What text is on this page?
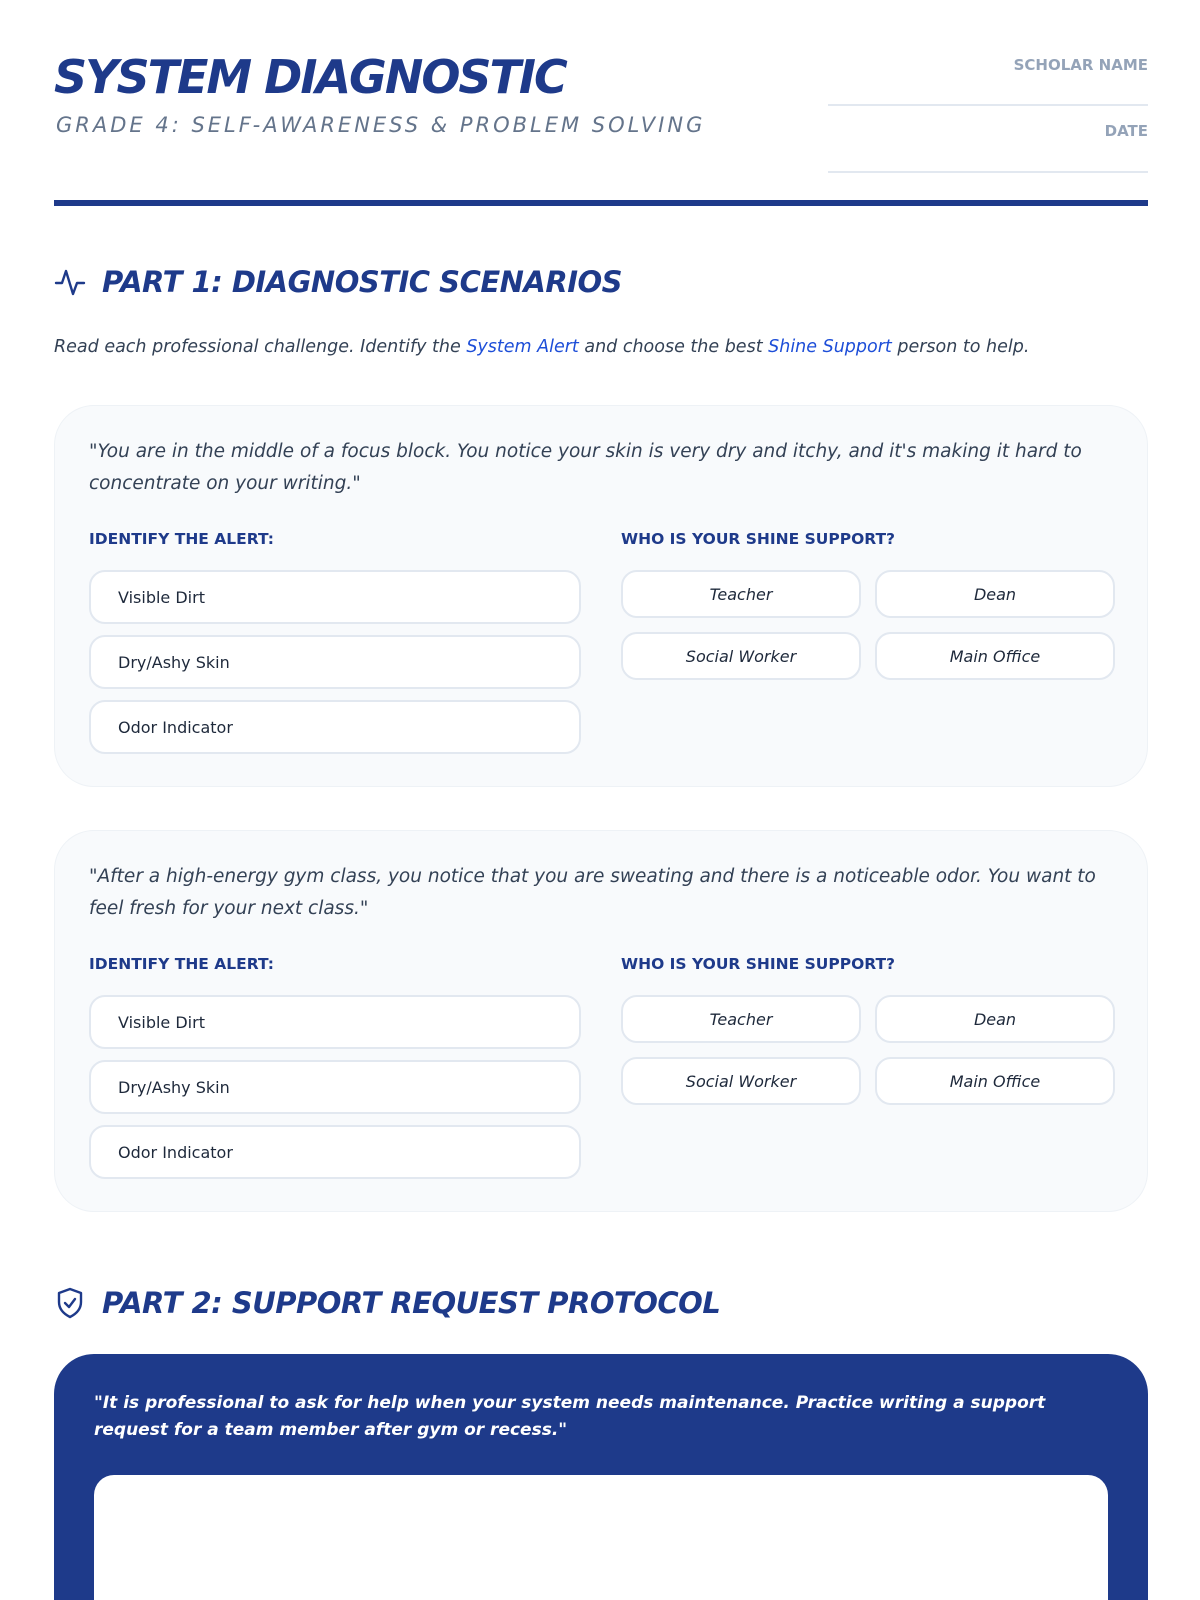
SYSTEM DIAGNOSTIC
GRADE 4: SELF-AWARENESS & PROBLEM SOLVING
SCHOLAR NAME
DATE
PART 1: DIAGNOSTIC SCENARIOS
Read each professional challenge. Identify the System Alert and choose the best Shine Support person to help.
"You are in the middle of a focus block. You notice your skin is very dry and itchy, and it's making it hard to concentrate on your writing."
IDENTIFY THE ALERT:	WHO IS YOUR SHINE SUPPORT?
Visible Dirt
Dry/Ashy Skin
Odor Indicator
Teacher	Dean
Social Worker	Main Office
"After a high-energy gym class, you notice that you are sweating and there is a noticeable odor. You want to feel fresh for your next class."
IDENTIFY THE ALERT:	WHO IS YOUR SHINE SUPPORT?
Visible Dirt
Dry/Ashy Skin
Odor Indicator
Teacher	Dean
Social Worker	Main Office
PART 2: SUPPORT REQUEST PROTOCOL
"It is professional to ask for help when your system needs maintenance. Practice writing a support request for a team member after gym or recess."
